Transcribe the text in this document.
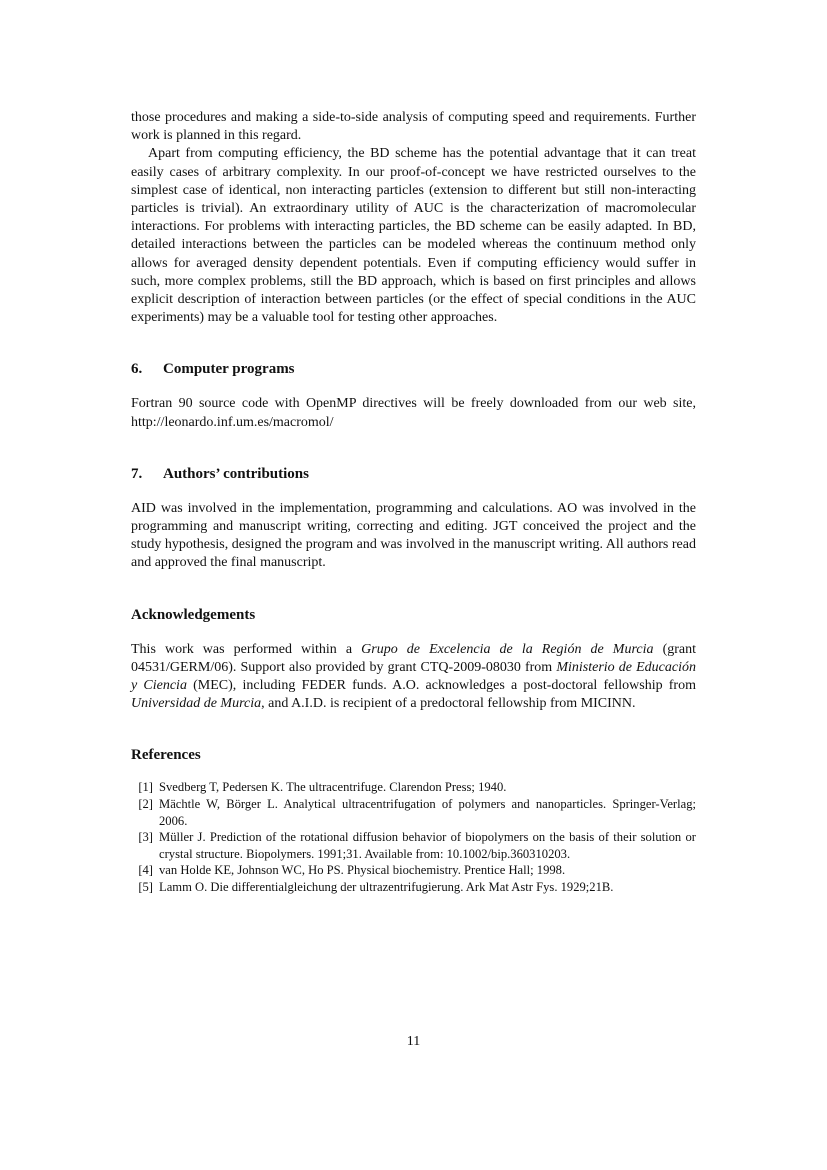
those procedures and making a side-to-side analysis of computing speed and requirements. Further work is planned in this regard.

Apart from computing efficiency, the BD scheme has the potential advantage that it can treat easily cases of arbitrary complexity. In our proof-of-concept we have restricted ourselves to the simplest case of identical, non interacting particles (extension to different but still non-interacting particles is trivial). An extraordinary utility of AUC is the characterization of macromolecular interactions. For problems with interacting particles, the BD scheme can be easily adapted. In BD, detailed interactions between the particles can be modeled whereas the continuum method only allows for averaged density dependent potentials. Even if computing efficiency would suffer in such, more complex problems, still the BD approach, which is based on first principles and allows explicit description of interaction between particles (or the effect of special conditions in the AUC experiments) may be a valuable tool for testing other approaches.

6. Computer programs

Fortran 90 source code with OpenMP directives will be freely downloaded from our web site, http://leonardo.inf.um.es/macromol/

7. Authors’ contributions

AID was involved in the implementation, programming and calculations. AO was involved in the programming and manuscript writing, correcting and editing. JGT conceived the project and the study hypothesis, designed the program and was involved in the manuscript writing. All authors read and approved the final manuscript.

Acknowledgements

This work was performed within a Grupo de Excelencia de la Región de Murcia (grant 04531/GERM/06). Support also provided by grant CTQ-2009-08030 from Ministerio de Educación y Ciencia (MEC), including FEDER funds. A.O. acknowledges a post-doctoral fellowship from Universidad de Murcia, and A.I.D. is recipient of a predoctoral fellowship from MICINN.

References
[1] Svedberg T, Pedersen K. The ultracentrifuge. Clarendon Press; 1940.
[2] Mächtle W, Börger L. Analytical ultracentrifugation of polymers and nanoparticles. Springer-Verlag; 2006.
[3] Müller J. Prediction of the rotational diffusion behavior of biopolymers on the basis of their solution or crystal structure. Biopolymers. 1991;31. Available from: 10.1002/bip.360310203.
[4] van Holde KE, Johnson WC, Ho PS. Physical biochemistry. Prentice Hall; 1998.
[5] Lamm O. Die differentialgleichung der ultrazentrifugierung. Ark Mat Astr Fys. 1929;21B.
11
